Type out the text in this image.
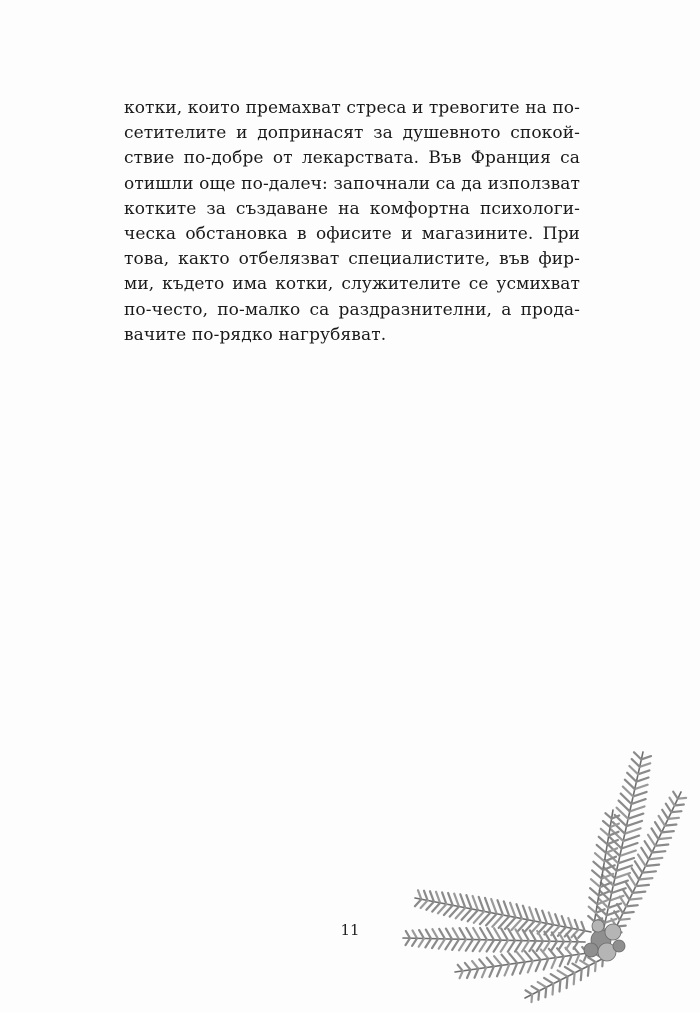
котки, които премахват стреса и тревогите на по-
сетителите и допринасят за душевното спокой-
ствие по-добре от лекарствата. Във Франция са
отишли още по-далеч: започнали са да използват
котките за създаване на комфортна психологи-
ческа обстановка в офисите и магазините. При
това, както отбелязват специалистите, във фир-
ми, където има котки, служителите се усмихват
по-често, по-малко са раздразнителни, а прода-
вачите по-рядко нагрубяват.
11
